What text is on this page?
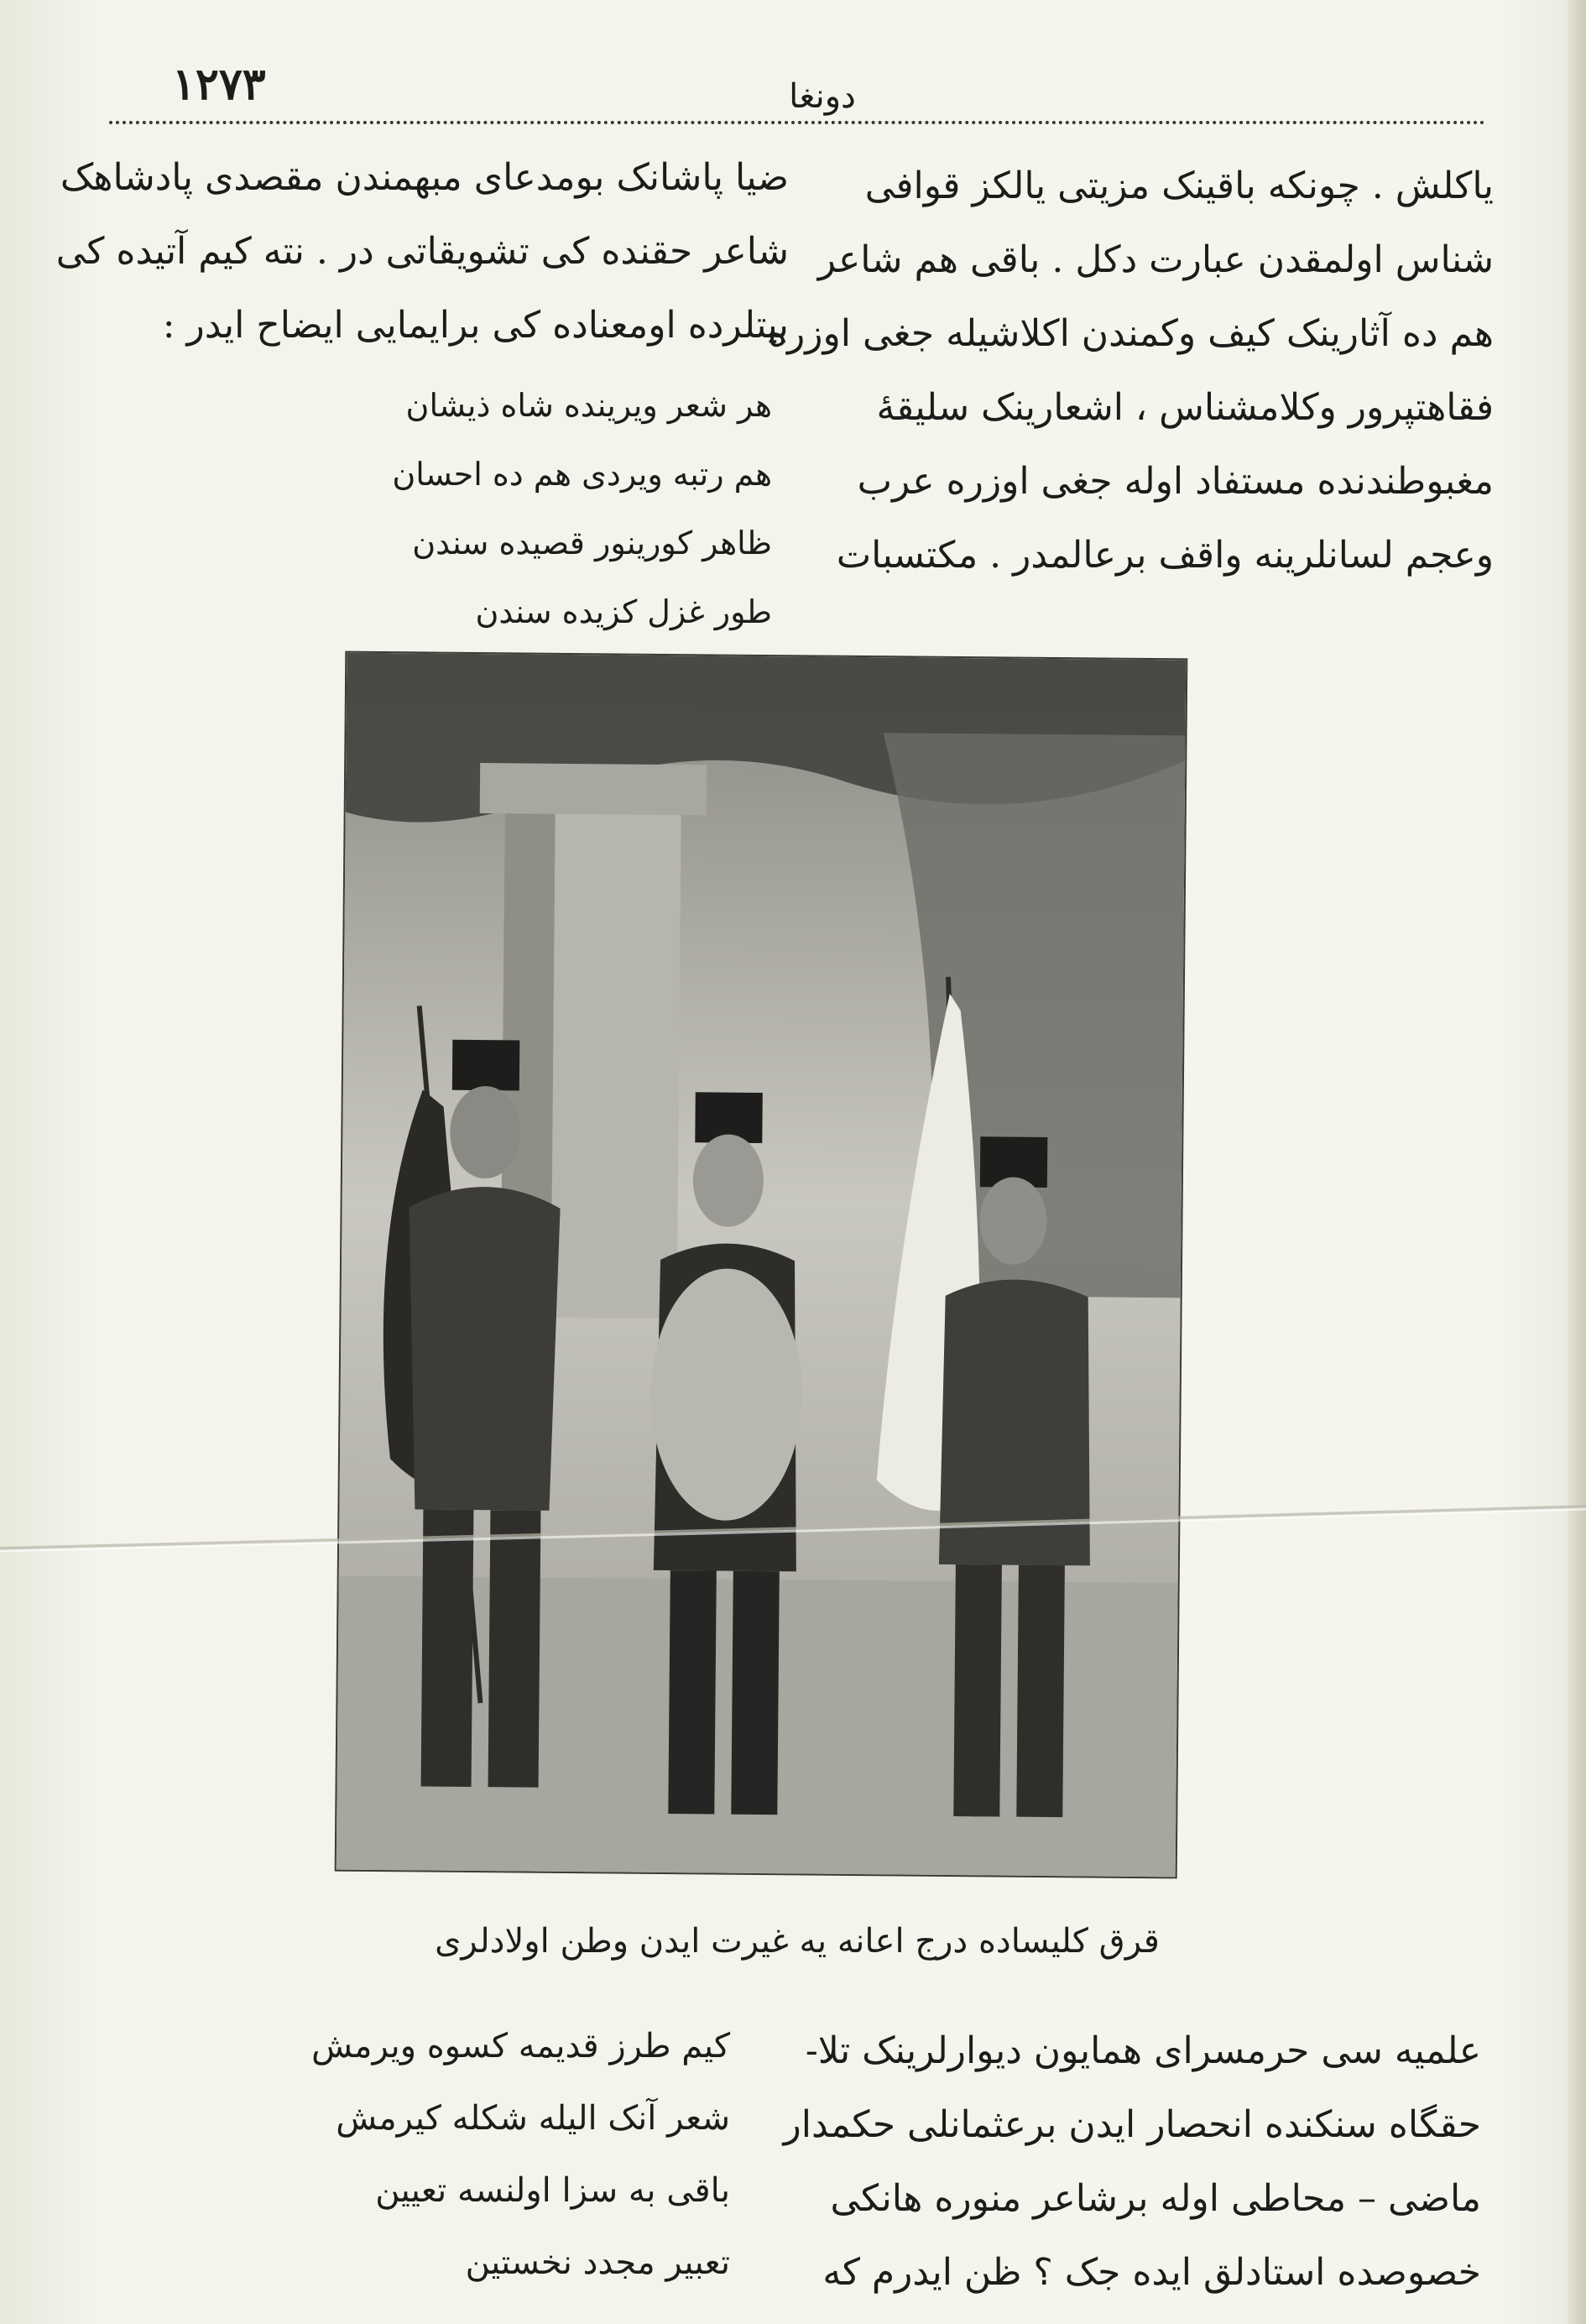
۱۲۷۳	دونغا
یاکلش . چونکه باقینک مزیتی یالکز قوافی
شناس اولمقدن عبارت دکل . باقی هم شاعر
هم ده آثارینک کیف وکمندن اکلاشیله جغی اوزره
فقاهتپرور وکلامشناس ، اشعارینک سلیقهٔ
مغبوطندنده مستفاد اوله جغی اوزره عرب
وعجم لسانلرینه واقف برعالمدر . مکتسبات
ضیا پاشانک بومدعای مبهمندن مقصدی پادشاهک
شاعر حقنده کی تشویقاتی در . نته کیم آتیده کی
بیتلرده اومعناده کی برایمایی ایضاح ایدر :
هر شعر ویرینده شاه ذیشان
هم رتبه ویردی هم ده احسان
ظاهر کورینور قصیده سندن
طور غزل کزیده سندن
قرق کلیساده درج اعانه یه غیرت ایدن وطن اولادلری
علمیه سی حرمسرای همایون دیوارلرینک تلا-
حقگاه سنکنده انحصار ایدن برعثمانلی حکمدار
ماضی – محاطی اوله برشاعر منوره هانکی
خصوصده استادلق ایده جک ؟ ظن ایدرم که
کیم طرز قدیمه کسوه ویرمش
شعر آنک الیله شکله کیرمش
باقی به سزا اولنسه تعیین
تعبیر مجدد نخستین
